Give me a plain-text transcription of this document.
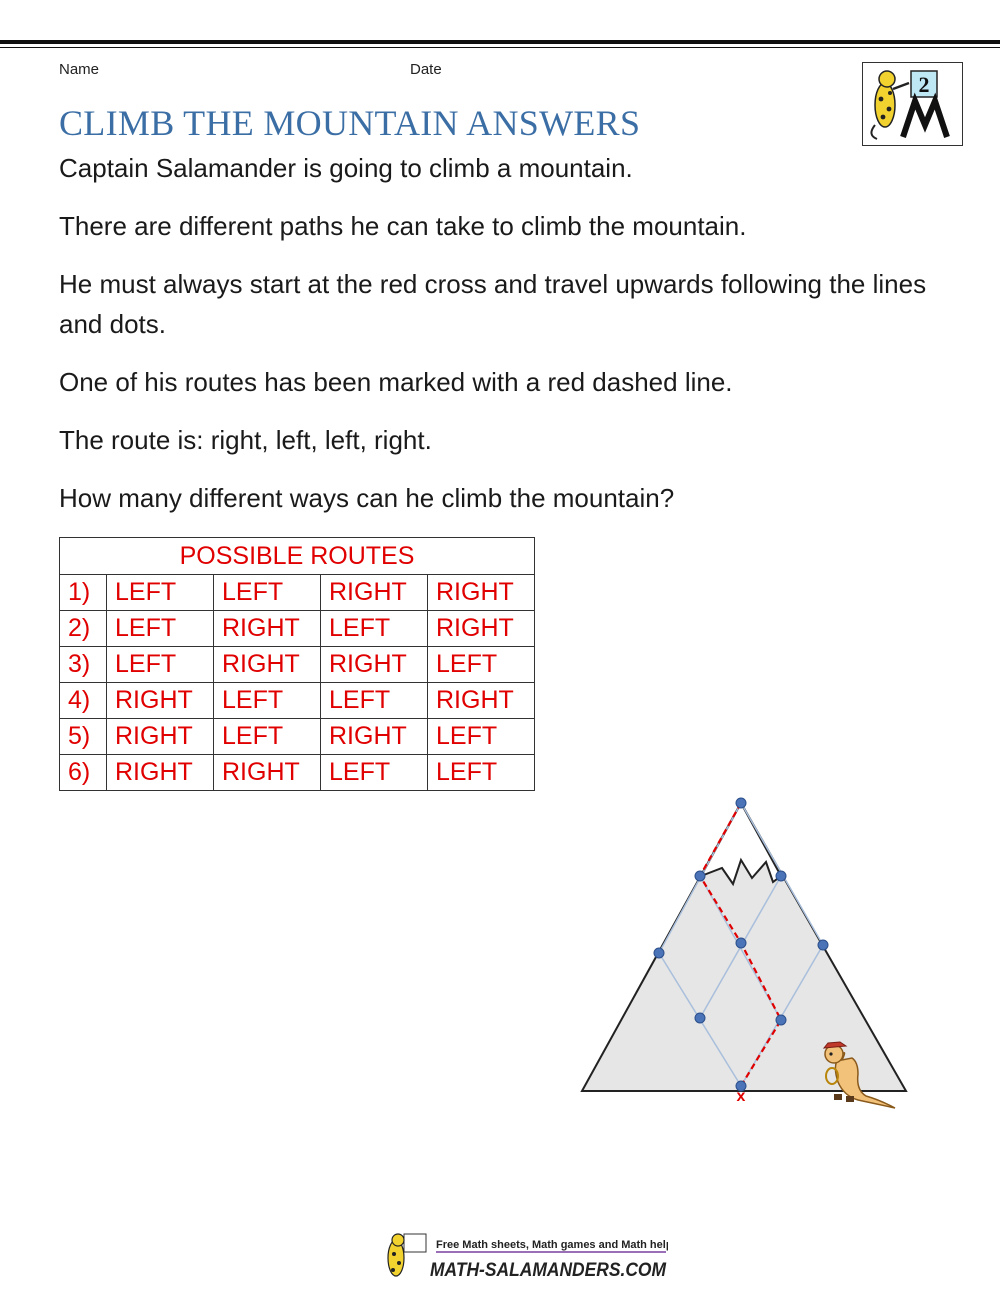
Name	Date
2
CLIMB THE MOUNTAIN ANSWERS
Captain Salamander is going to climb a mountain.
There are different paths he can take to climb the mountain.
He must always start at the red cross and travel upwards following the lines and dots.
One of his routes has been marked with a red dashed line.
The route is: right, left, left, right.
How many different ways can he climb the mountain?
POSSIBLE ROUTES				
1)	LEFT	LEFT	RIGHT	RIGHT
2)	LEFT	RIGHT	LEFT	RIGHT
3)	LEFT	RIGHT	RIGHT	LEFT
4)	RIGHT	LEFT	LEFT	RIGHT
5)	RIGHT	LEFT	RIGHT	LEFT
6)	RIGHT	RIGHT	LEFT	LEFT
x
Free Math sheets, Math games and Math help
MATH-SALAMANDERS.COM
